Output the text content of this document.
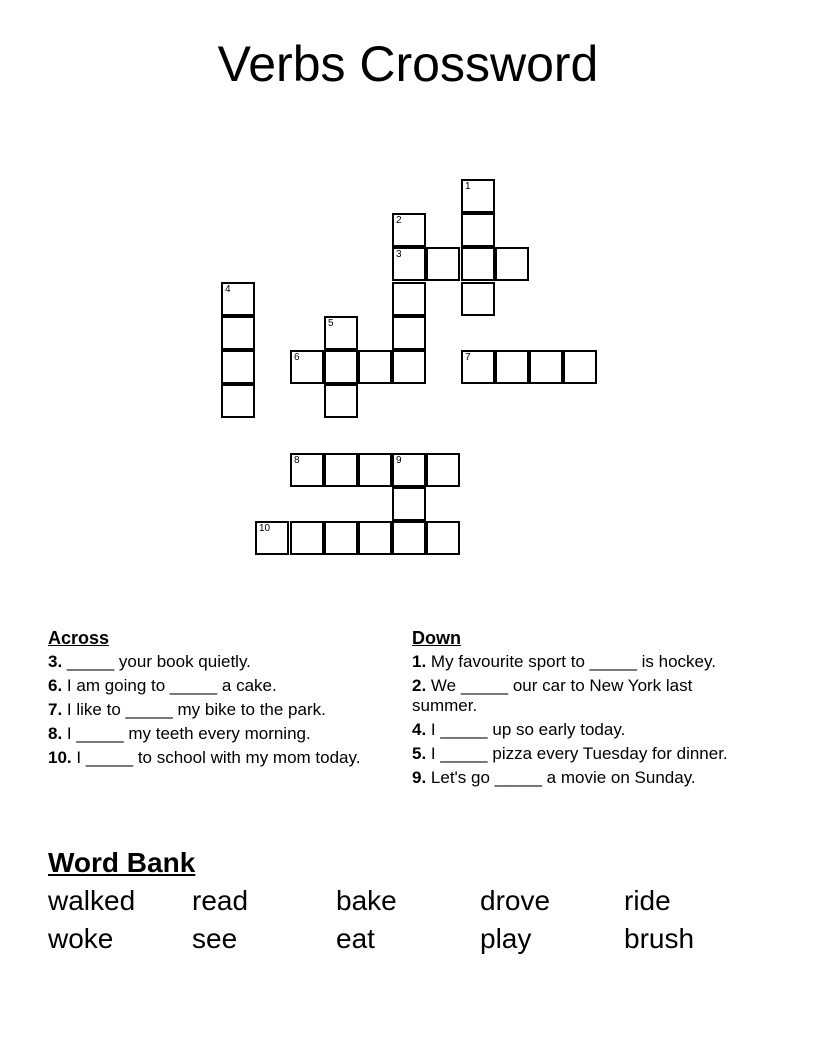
Verbs Crossword
1
2
3
4
5
6	7
8	9
10
Across
3. _____ your book quietly.
6. I am going to _____ a cake.
7. I like to _____ my bike to the park.
8. I _____ my teeth every morning.
10. I _____ to school with my mom today.
Down
1. My favourite sport to _____ is hockey.
2. We _____ our car to New York last summer.
4. I _____ up so early today.
5. I _____ pizza every Tuesday for dinner.
9. Let's go _____ a movie on Sunday.
Word Bank
walked	read	bake	drove	ride
woke	see	eat	play	brush
